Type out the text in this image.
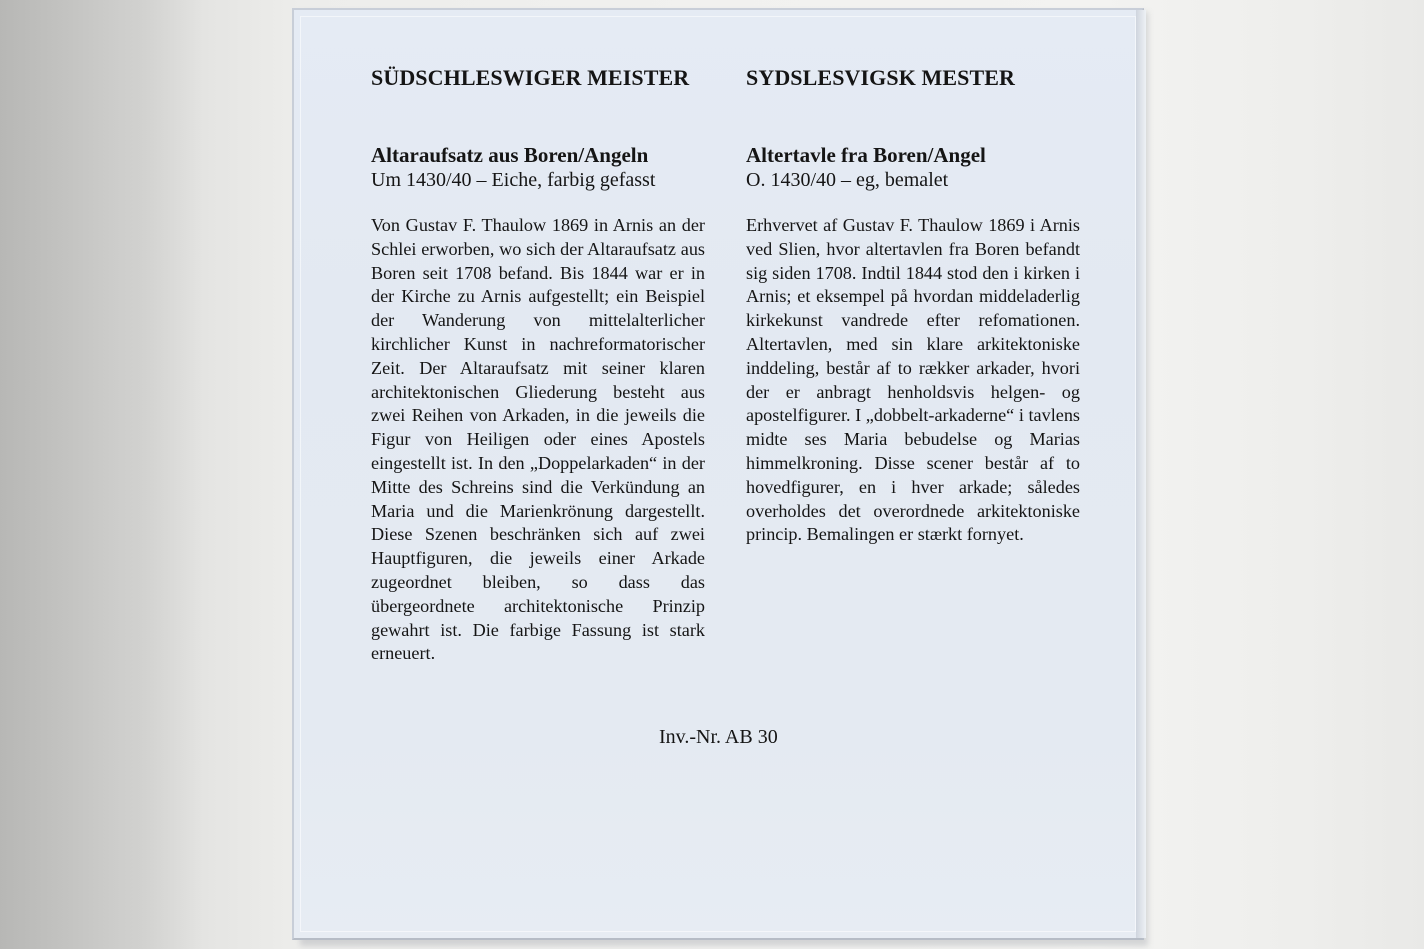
SÜDSCHLESWIGER MEISTER
Altaraufsatz aus Boren/Angeln

Um 1430/40 – Eiche, farbig gefasst

Von Gustav F. Thaulow 1869 in Arnis an der Schlei erworben, wo sich der Altaraufsatz aus Boren seit 1708 befand. Bis 1844 war er in der Kirche zu Arnis aufgestellt; ein Beispiel der Wanderung von mittelalterlicher kirchlicher Kunst in nachreformatorischer Zeit. Der Altaraufsatz mit seiner klaren architektonischen Gliederung besteht aus zwei Reihen von Arkaden, in die jeweils die Figur von Heiligen oder eines Apostels eingestellt ist. In den „Doppelarkaden“ in der Mitte des Schreins sind die Verkündung an Maria und die Marienkrönung dargestellt. Diese Szenen beschränken sich auf zwei Hauptfiguren, die jeweils einer Arkade zugeordnet bleiben, so dass das übergeordnete architektonische Prinzip gewahrt ist. Die farbige Fassung ist stark erneuert.

SYDSLESVIGSK MESTER
Altertavle fra Boren/Angel

O. 1430/40 – eg, bemalet

Erhvervet af Gustav F. Thaulow 1869 i Arnis ved Slien, hvor altertavlen fra Boren befandt sig siden 1708. Indtil 1844 stod den i kirken i Arnis; et eksempel på hvordan middeladerlig kirkekunst vandrede efter refomationen. Altertavlen, med sin klare arkitektoniske inddeling, består af to rækker arkader, hvori der er anbragt henholdsvis helgen- og apostelfigurer. I „dobbelt-arkaderne“ i tavlens midte ses Maria bebudelse og Marias himmelkroning. Disse scener består af to hovedfigurer, en i hver arkade; således overholdes det overordnede arkitektoniske princip. Bemalingen er stærkt fornyet.

Inv.-Nr. AB 30
